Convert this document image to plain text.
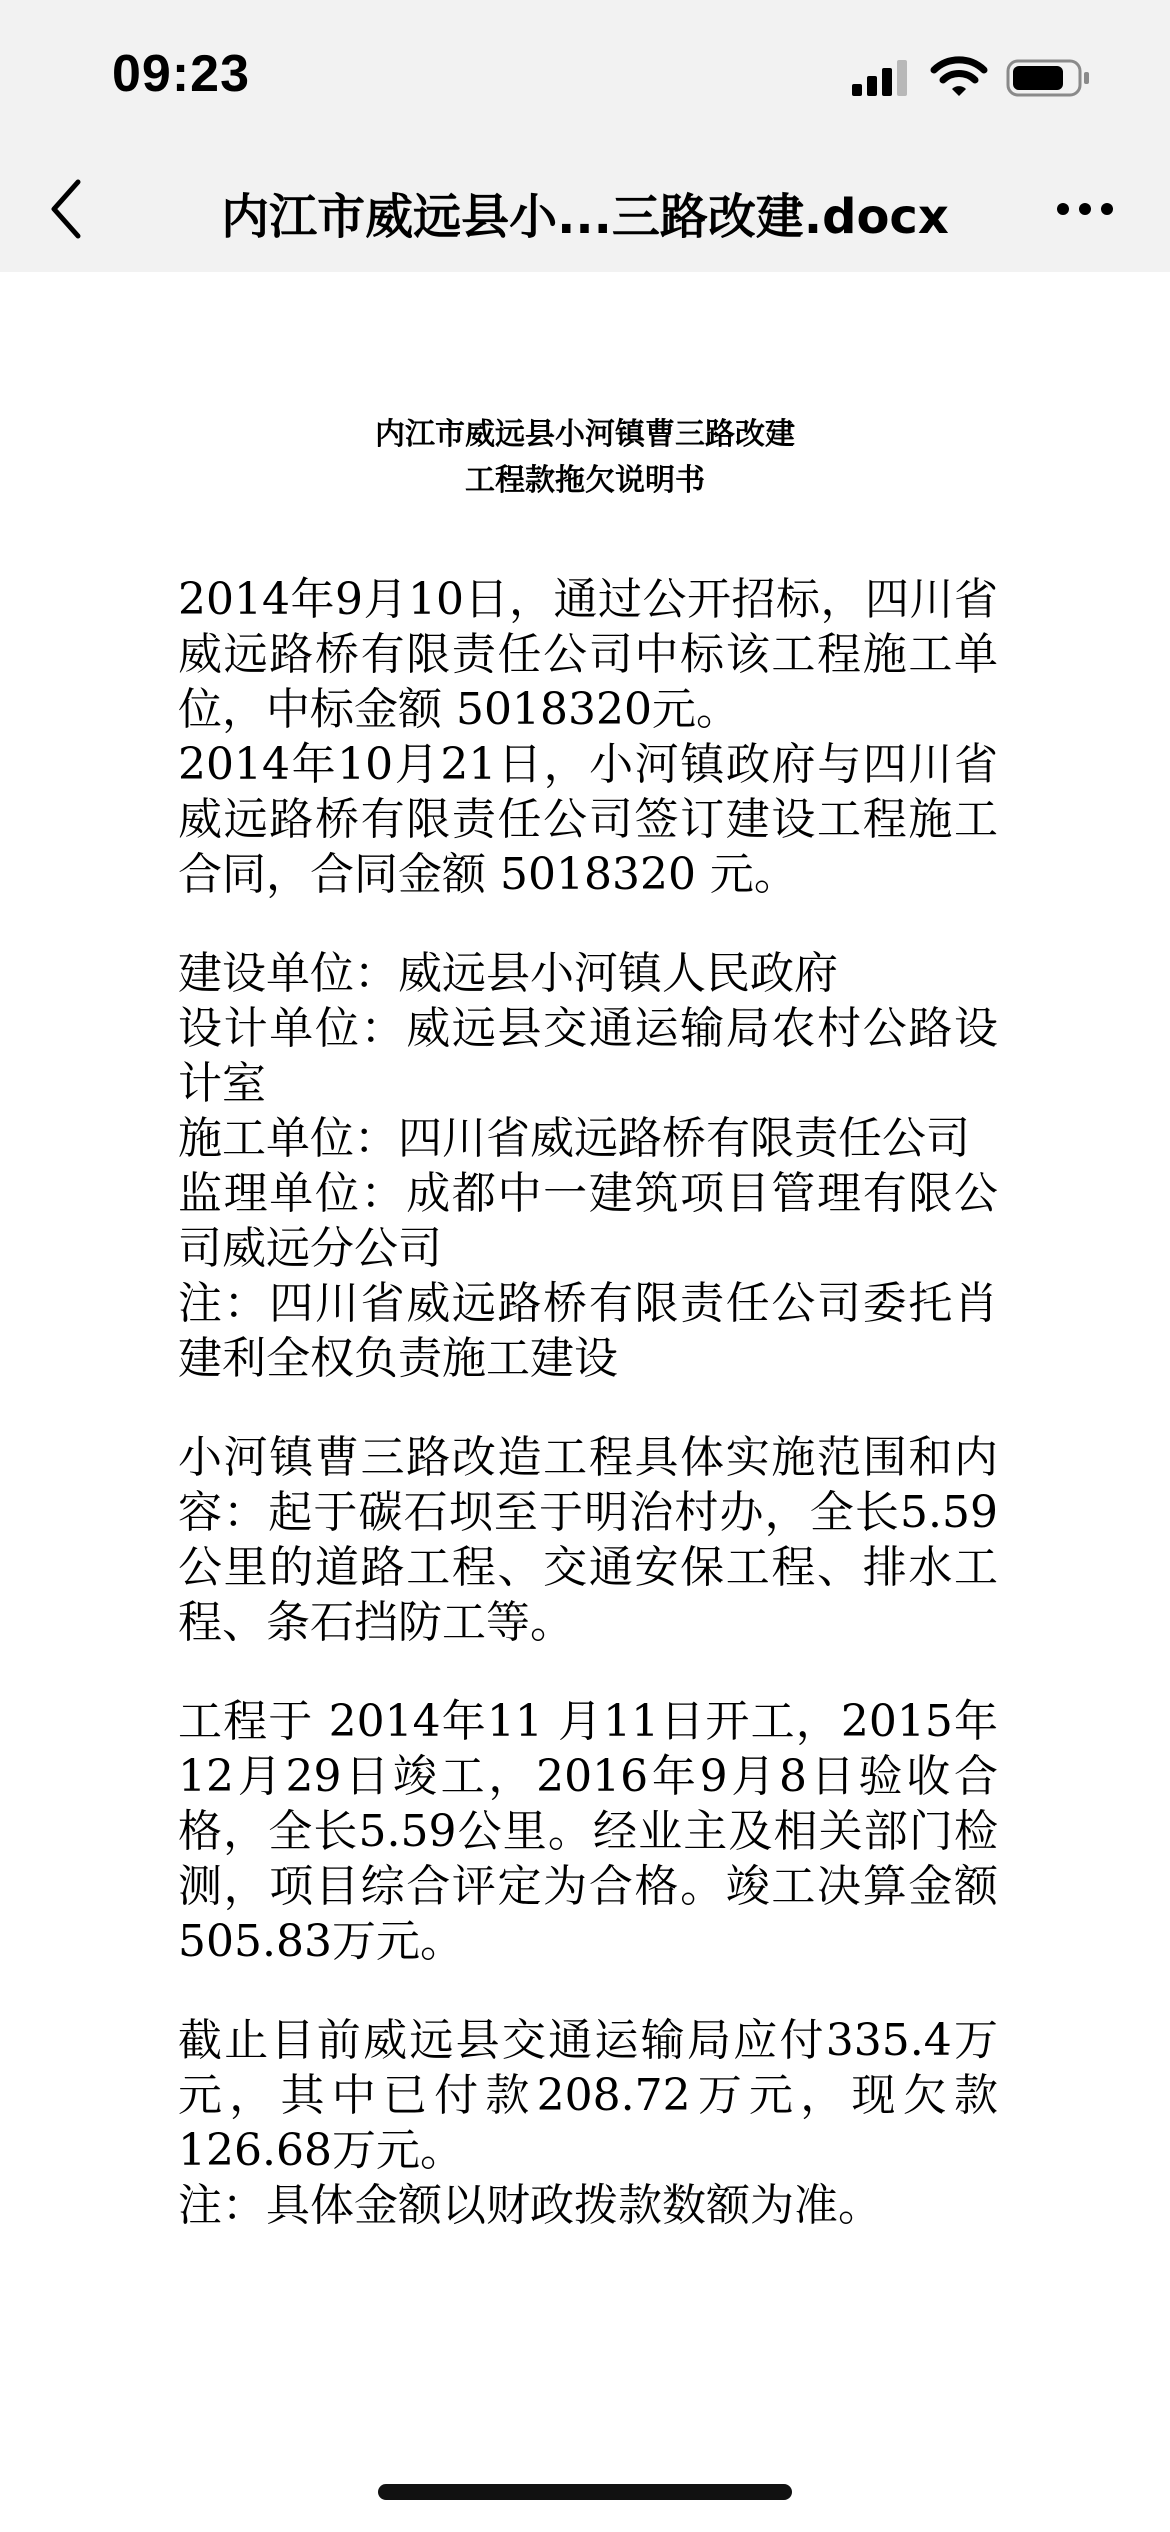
09:23
内江市威远县小...三路改建.docx
内江市威远县小河镇曹三路改建
工程款拖欠说明书

2014年9月10日，通过公开招标，四川省威远路桥有限责任公司中标该工程施工单位，中标金额 5018320元。

2014年10月21日，小河镇政府与四川省威远路桥有限责任公司签订建设工程施工合同，合同金额 5018320 元。

建设单位：威远县小河镇人民政府

设计单位：威远县交通运输局农村公路设计室

施工单位：四川省威远路桥有限责任公司

监理单位：成都中一建筑项目管理有限公司威远分公司

注：四川省威远路桥有限责任公司委托肖建利全权负责施工建设

小河镇曹三路改造工程具体实施范围和内容：起于碳石坝至于明治村办，全长5.59公里的道路工程、交通安保工程、排水工程、条石挡防工等。

工程于 2014年11 月11日开工，2015年12月29日竣工，2016年9月8日验收合格，全长5.59公里。经业主及相关部门检测，项目综合评定为合格。竣工决算金额505.83万元。

截止目前威远县交通运输局应付335.4万元，其中已付款208.72万元，现欠款126.68万元。

注：具体金额以财政拨款数额为准。
